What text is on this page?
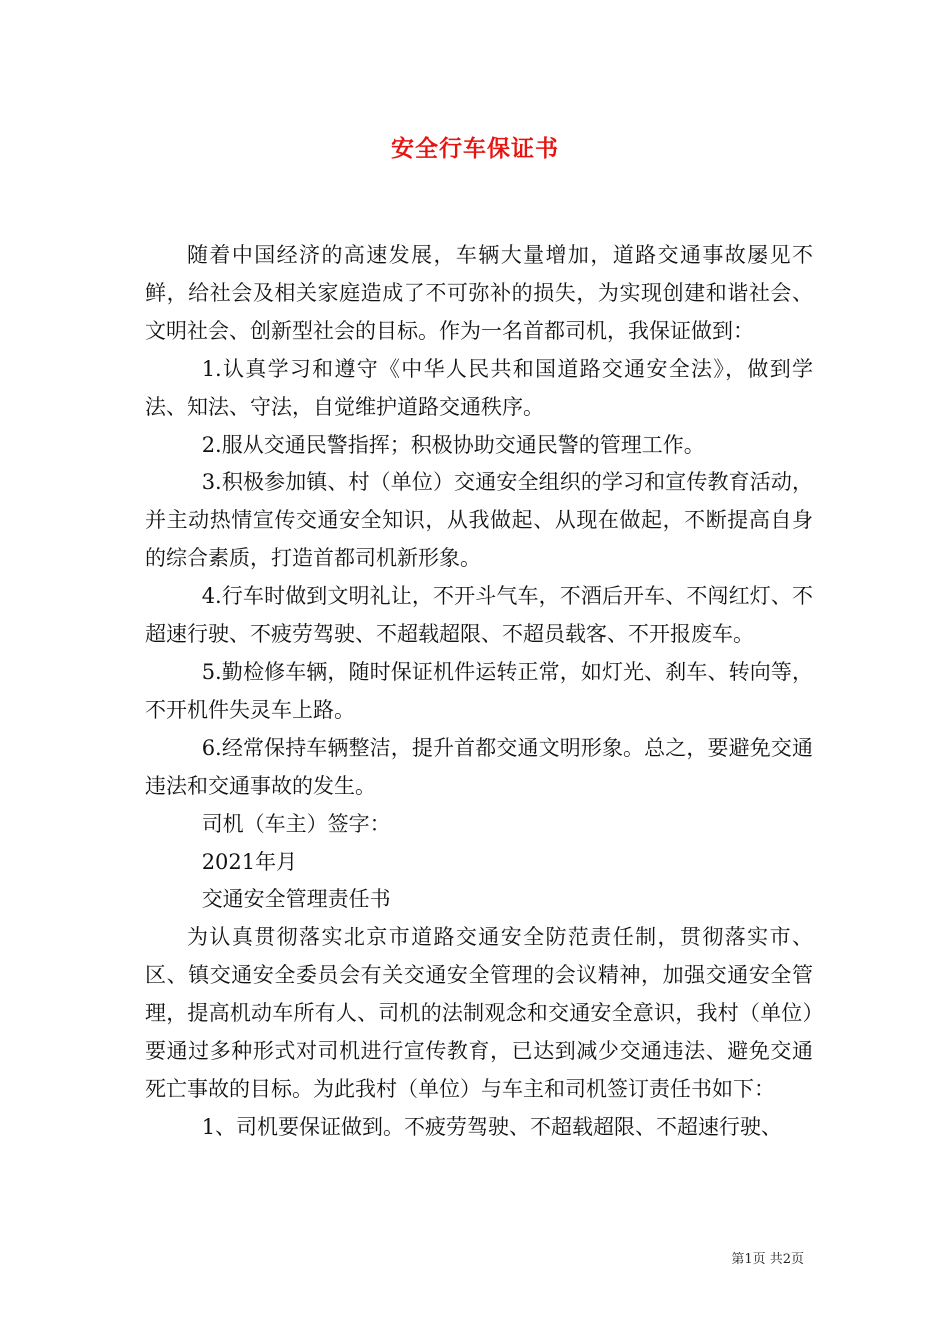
安全行车保证书

随着中国经济的高速发展，车辆大量增加，道路交通事故屡见不鲜，给社会及相关家庭造成了不可弥补的损失，为实现创建和谐社会、文明社会、创新型社会的目标。作为一名首都司机，我保证做到：

1.认真学习和遵守《中华人民共和国道路交通安全法》，做到学法、知法、守法，自觉维护道路交通秩序。

2.服从交通民警指挥；积极协助交通民警的管理工作。

3.积极参加镇、村（单位）交通安全组织的学习和宣传教育活动，并主动热情宣传交通安全知识，从我做起、从现在做起，不断提高自身的综合素质，打造首都司机新形象。

4.行车时做到文明礼让，不开斗气车，不酒后开车、不闯红灯、不超速行驶、不疲劳驾驶、不超载超限、不超员载客、不开报废车。

5.勤检修车辆，随时保证机件运转正常，如灯光、刹车、转向等，不开机件失灵车上路。

6.经常保持车辆整洁，提升首都交通文明形象。总之，要避免交通违法和交通事故的发生。

司机（车主）签字：

2021年月

交通安全管理责任书

为认真贯彻落实北京市道路交通安全防范责任制，贯彻落实市、区、镇交通安全委员会有关交通安全管理的会议精神，加强交通安全管理，提高机动车所有人、司机的法制观念和交通安全意识，我村（单位）要通过多种形式对司机进行宣传教育，已达到减少交通违法、避免交通死亡事故的目标。为此我村（单位）与车主和司机签订责任书如下：

1、司机要保证做到。不疲劳驾驶、不超载超限、不超速行驶、

第1页 共2页
